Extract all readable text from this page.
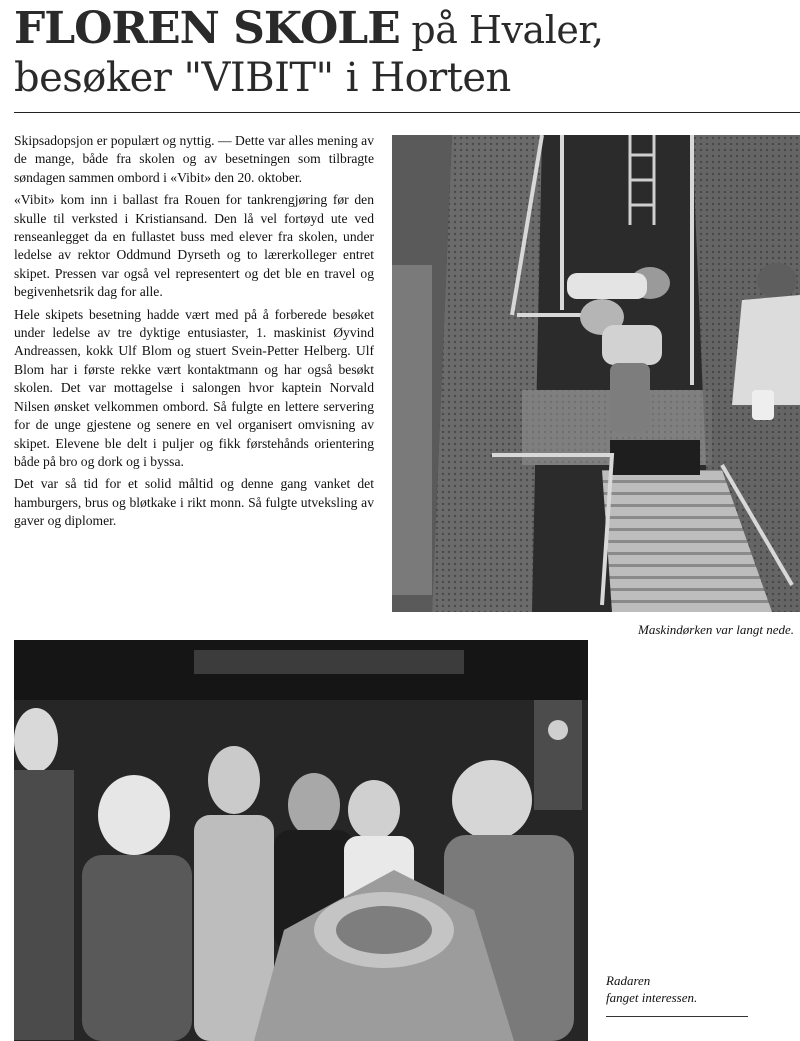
FLOREN SKOLE på Hvaler,
besøker "VIBIT" i Horten

Skipsadopsjon er populært og nyttig. — Dette var alles mening av de mange, både fra skolen og av besetningen som tilbragte søndagen sammen ombord i «Vibit» den 20. oktober.

«Vibit» kom inn i ballast fra Rouen for tankrengjøring før den skulle til verksted i Kristiansand. Den lå vel fortøyd ute ved renseanlegget da en fullastet buss med elever fra skolen, under ledelse av rektor Oddmund Dyrseth og to lærerkolleger entret skipet. Pressen var også vel representert og det ble en travel og begivenhetsrik dag for alle.

Hele skipets besetning hadde vært med på å forberede besøket under ledelse av tre dyktige entusiaster, 1. maskinist Øyvind Andreassen, kokk Ulf Blom og stuert Svein-Petter Helberg. Ulf Blom har i første rekke vært kontaktmann og har også besøkt skolen. Det var mottagelse i salongen hvor kaptein Norvald Nilsen ønsket velkommen ombord. Så fulgte en lettere servering for de unge gjestene og senere en vel organisert omvisning av skipet. Elevene ble delt i puljer og fikk førstehånds orientering både på bro og dork og i byssa.

Det var så tid for et solid måltid og denne gang vanket det hamburgers, brus og bløtkake i rikt monn. Så fulgte utveksling av gaver og diplomer.

Maskindørken var langt nede.
Radaren
fanget interessen.
